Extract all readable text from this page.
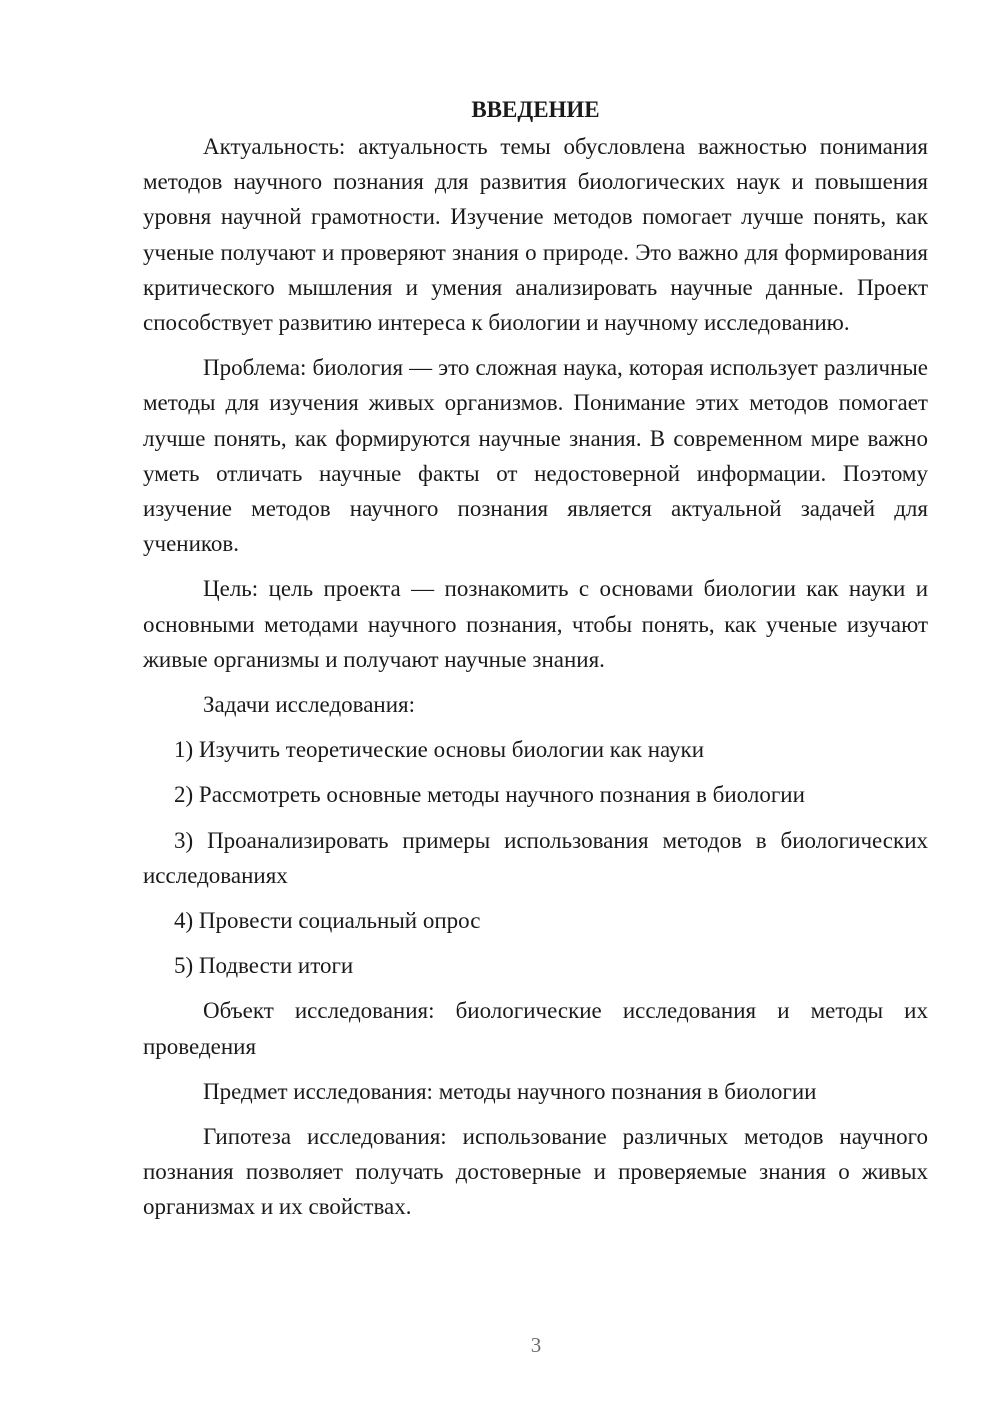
ВВЕДЕНИЕ

Актуальность: актуальность темы обусловлена важностью понимания методов научного познания для развития биологических наук и повышения уровня научной грамотности. Изучение методов помогает лучше понять, как ученые получают и проверяют знания о природе. Это важно для формирования критического мышления и умения анализировать научные данные. Проект способствует развитию интереса к биологии и научному исследованию.

Проблема: биология — это сложная наука, которая использует различные методы для изучения живых организмов. Понимание этих методов помогает лучше понять, как формируются научные знания. В современном мире важно уметь отличать научные факты от недостоверной информации. Поэтому изучение методов научного познания является актуальной задачей для учеников.

Цель: цель проекта — познакомить с основами биологии как науки и основными методами научного познания, чтобы понять, как ученые изучают живые организмы и получают научные знания.

Задачи исследования:

1) Изучить теоретические основы биологии как науки

2) Рассмотреть основные методы научного познания в биологии

3) Проанализировать примеры использования методов в биологических исследованиях

4) Провести социальный опрос

5) Подвести итоги

Объект исследования: биологические исследования и методы их проведения

Предмет исследования: методы научного познания в биологии

Гипотеза исследования: использование различных методов научного познания позволяет получать достоверные и проверяемые знания о живых организмах и их свойствах.

3
